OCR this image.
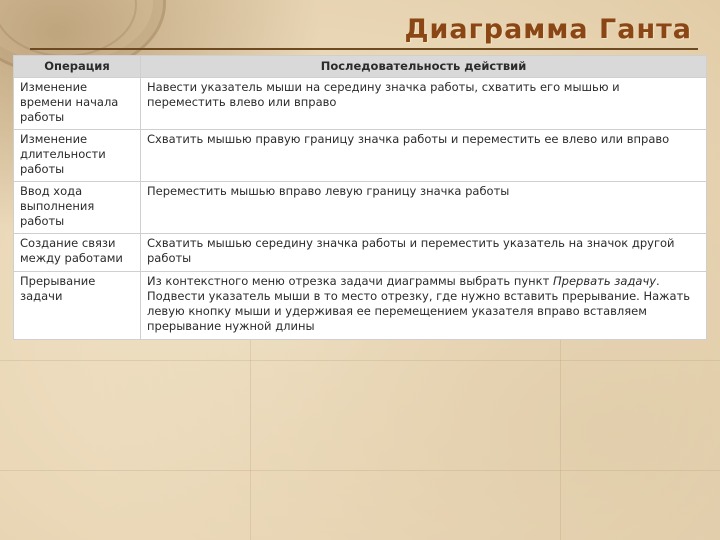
Диаграмма Ганта
Операция	Последовательность действий
Изменение времени начала работы	Навести указатель мыши на середину значка работы, схватить его мышью и переместить влево или вправо
Изменение длительности работы	Схватить мышью правую границу значка работы и переместить ее влево или вправо
Ввод хода выполнения работы	Переместить мышью вправо левую границу значка работы
Создание связи между работами	Схватить мышью середину значка работы и переместить указатель на значок другой работы
Прерывание задачи	Из контекстного меню отрезка задачи диаграммы выбрать пункт Прервать задачу. Подвести указатель мыши в то место отрезку, где нужно вставить прерывание. Нажать левую кнопку мыши и удерживая ее перемещением указателя вправо вставляем прерывание нужной длины
